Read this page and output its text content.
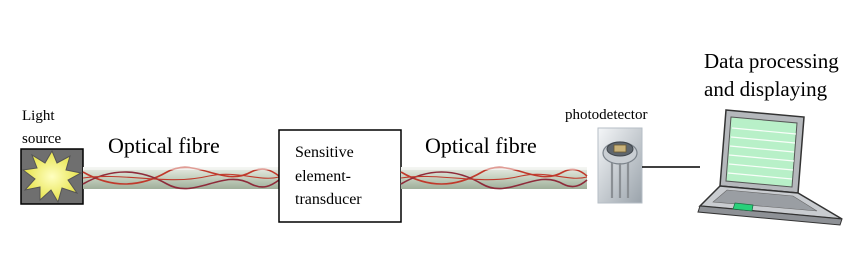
Light
source Optical fibre	Sensitive
element-
transducer
Optical fibre
photodetector
Data processing
and displaying
